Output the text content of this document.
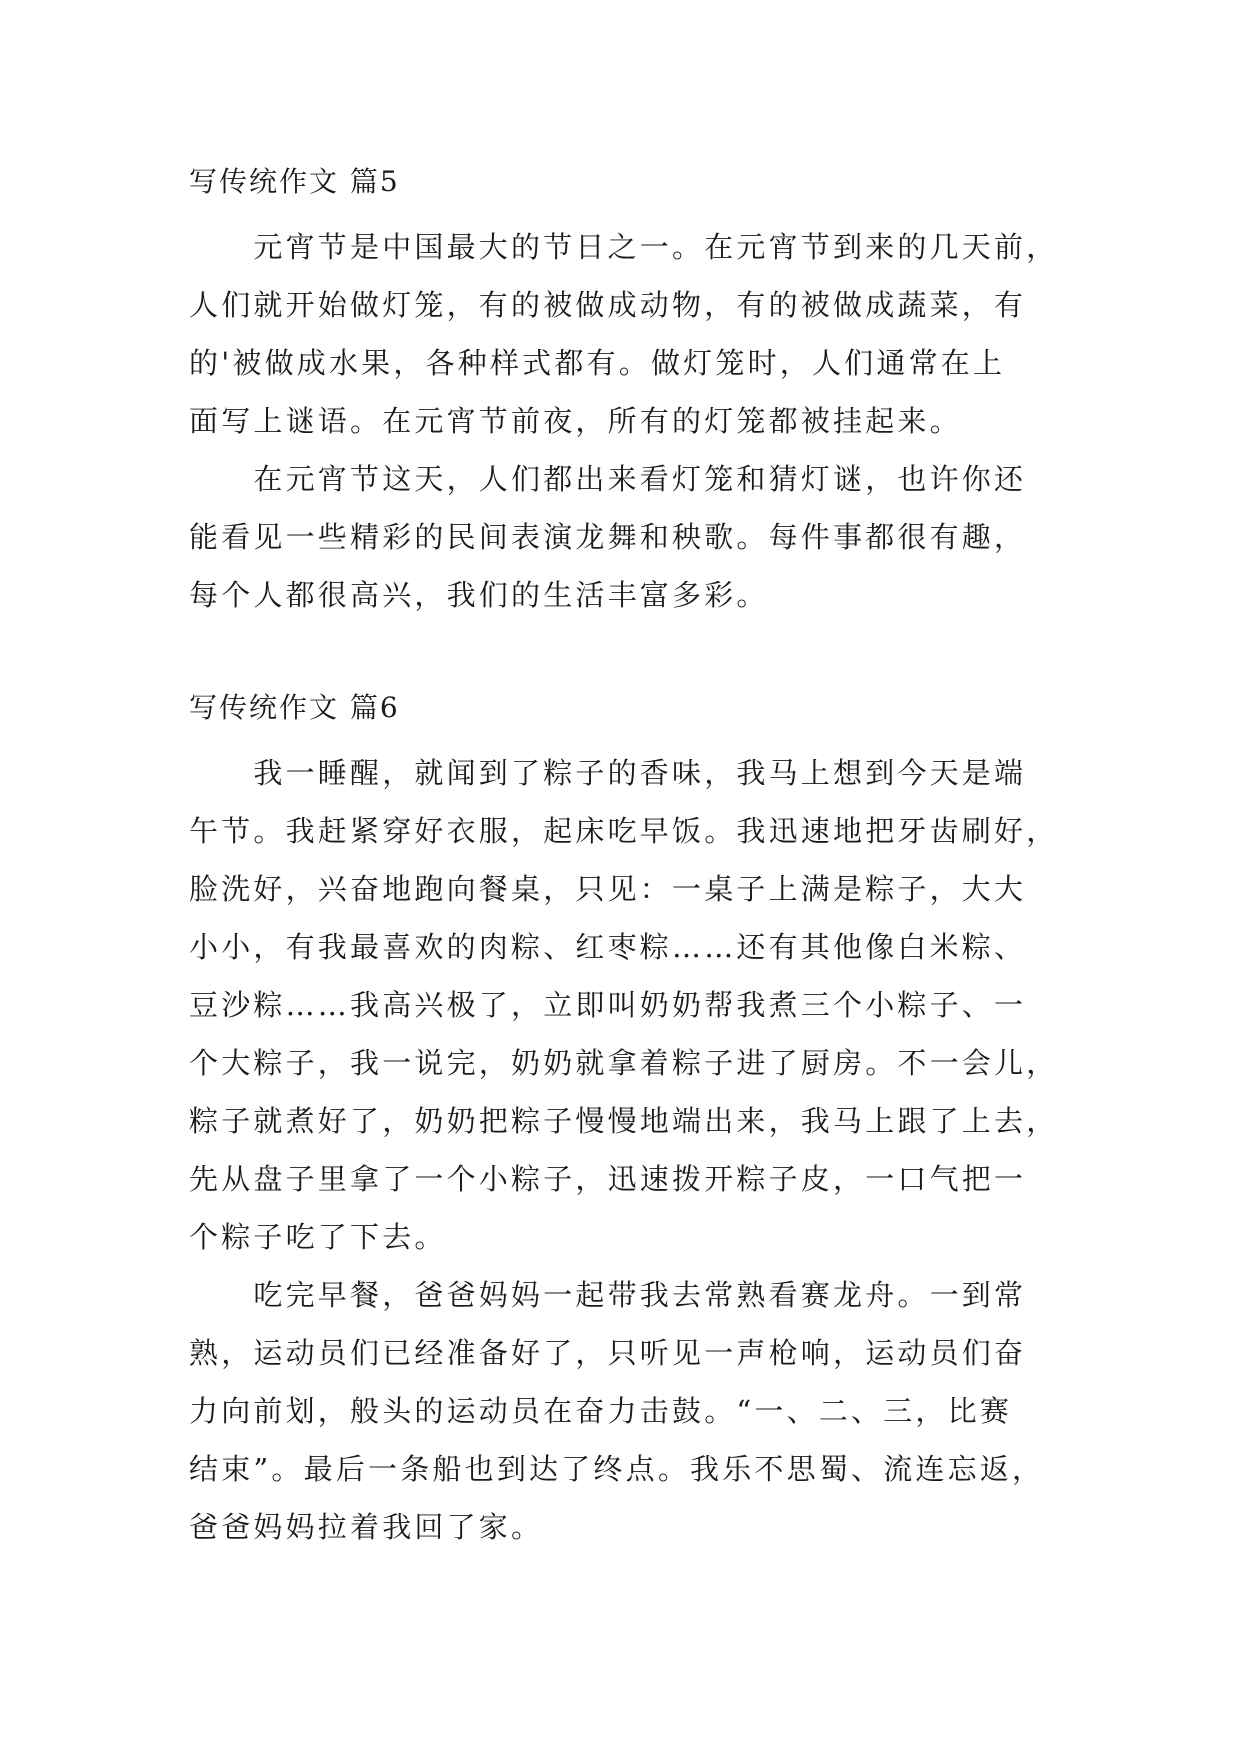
写传统作文 篇5

　　元宵节是中国最大的节日之一。在元宵节到来的几天前，
人们就开始做灯笼，有的被做成动物，有的被做成蔬菜，有
的'被做成水果，各种样式都有。做灯笼时，人们通常在上
面写上谜语。在元宵节前夜，所有的灯笼都被挂起来。

　　在元宵节这天，人们都出来看灯笼和猜灯谜，也许你还
能看见一些精彩的民间表演龙舞和秧歌。每件事都很有趣，
每个人都很高兴，我们的生活丰富多彩。

写传统作文 篇6

　　我一睡醒，就闻到了粽子的香味，我马上想到今天是端
午节。我赶紧穿好衣服，起床吃早饭。我迅速地把牙齿刷好，
脸洗好，兴奋地跑向餐桌，只见：一桌子上满是粽子，大大
小小，有我最喜欢的肉粽、红枣粽……还有其他像白米粽、
豆沙粽……我高兴极了，立即叫奶奶帮我煮三个小粽子、一
个大粽子，我一说完，奶奶就拿着粽子进了厨房。不一会儿，
粽子就煮好了，奶奶把粽子慢慢地端出来，我马上跟了上去，
先从盘子里拿了一个小粽子，迅速拨开粽子皮，一口气把一
个粽子吃了下去。

　　吃完早餐，爸爸妈妈一起带我去常熟看赛龙舟。一到常
熟，运动员们已经准备好了，只听见一声枪响，运动员们奋
力向前划，般头的运动员在奋力击鼓。“一、二、三，比赛
结束”。最后一条船也到达了终点。我乐不思蜀、流连忘返，
爸爸妈妈拉着我回了家。
